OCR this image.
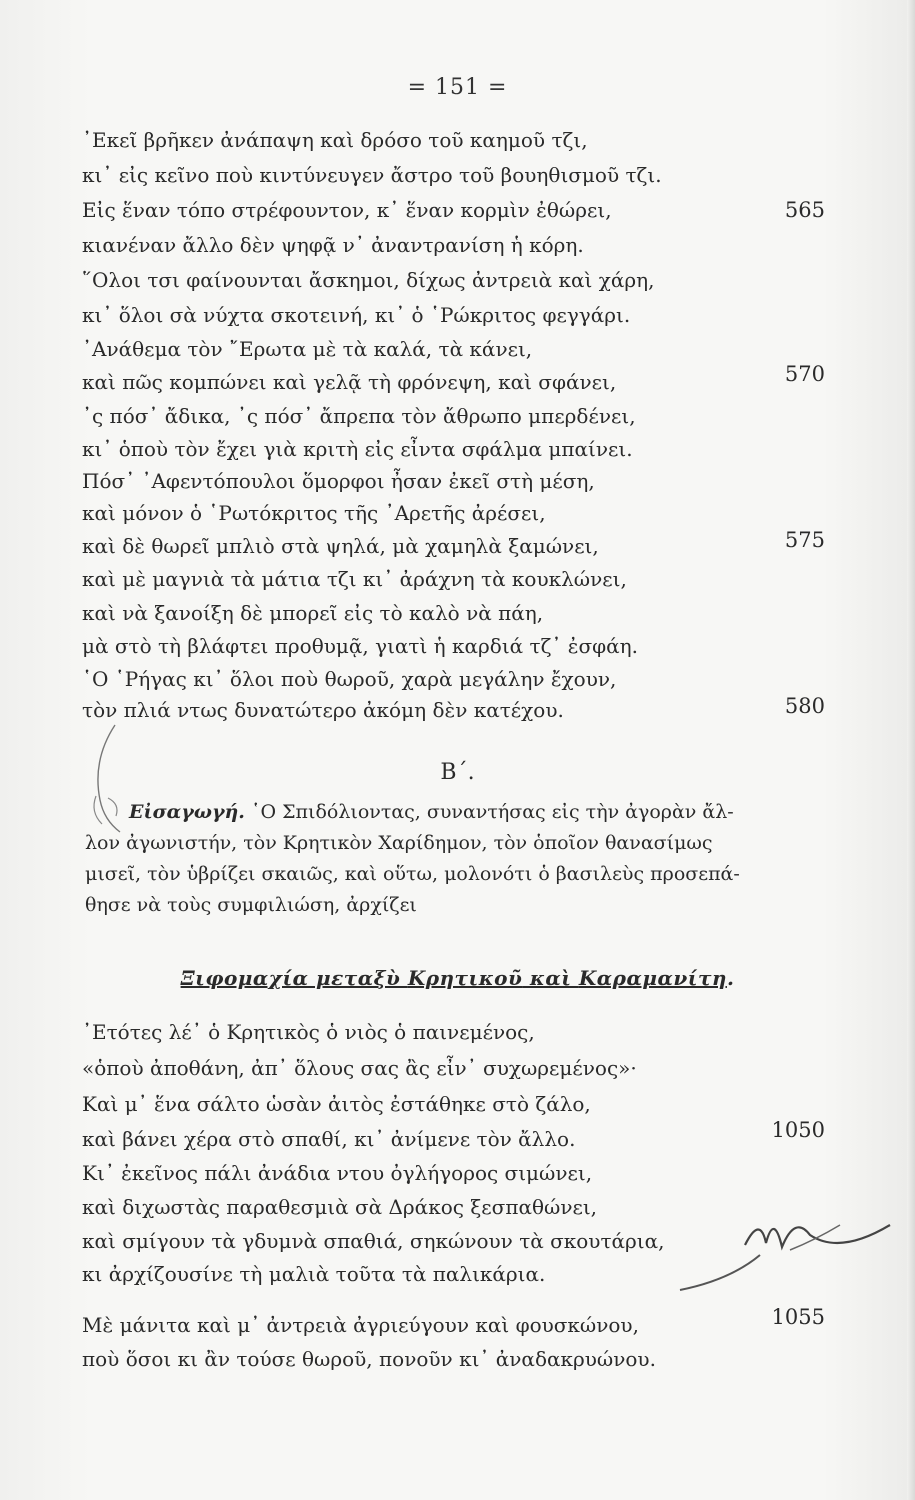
= 151 =
᾿Εκεῖ βρῆκεν ἀνάπαψη καὶ δρόσο τοῦ καημοῦ τζι,
κι᾿ εἰς κεῖνο ποὺ κιντύνευγεν ἄστρο τοῦ βουηθισμοῦ τζι.
Εἰς ἕναν τόπο στρέφουντον, κ᾿ ἕναν κορμὶν ἐθώρει,	565
κιανέναν ἄλλο δὲν ψηφᾷ ν᾿ ἀναντρανίση ἡ κόρη.
῞Ολοι τσι φαίνουνται ἄσκημοι, δίχως ἀντρειὰ καὶ χάρη,
κι᾿ ὅλοι σὰ νύχτα σκοτεινή, κι᾿ ὁ ῾Ρώκριτος φεγγάρι.
᾿Ανάθεμα τὸν ῎Ερωτα μὲ τὰ καλά, τὰ κάνει,
καὶ πῶς κομπώνει καὶ γελᾷ τὴ φρόνεψη, καὶ σφάνει,	570
᾿ς πόσ᾿ ἄδικα, ᾿ς πόσ᾿ ἄπρεπα τὸν ἄθρωπο μπερδένει,
κι᾿ ὁποὺ τὸν ἔχει γιὰ κριτὴ εἰς εἶντα σφάλμα μπαίνει.
Πόσ᾿ ᾿Αφεντόπουλοι ὅμορφοι ἦσαν ἐκεῖ στὴ μέση,
καὶ μόνον ὁ ῾Ρωτόκριτος τῆς ᾿Αρετῆς ἀρέσει,
καὶ δὲ θωρεῖ μπλιὸ στὰ ψηλά, μὰ χαμηλὰ ξαμώνει,	575
καὶ μὲ μαγνιὰ τὰ μάτια τζι κι᾿ ἀράχνη τὰ κουκλώνει,
καὶ νὰ ξανοίξη δὲ μπορεῖ εἰς τὸ καλὸ νὰ πάη,
μὰ στὸ τὴ βλάφτει προθυμᾷ, γιατὶ ἡ καρδιά τζ᾿ ἐσφάη.
῾Ο ῾Ρήγας κι᾿ ὅλοι ποὺ θωροῦ, χαρὰ μεγάλην ἔχουν,
τὸν πλιά ντως δυνατώτερο ἀκόμη δὲν κατέχου.	580
Β΄.
Εἰσαγωγή. ῾Ο Σπιδόλιοντας, συναντήσας εἰς τὴν ἀγορὰν ἄλ-
λον ἀγωνιστήν, τὸν Κρητικὸν Χαρίδημον, τὸν ὁποῖον θανασίμως
μισεῖ, τὸν ὑβρίζει σκαιῶς, καὶ οὕτω, μολονότι ὁ βασιλεὺς προσεπά-
θησε νὰ τοὺς συμφιλιώση, ἀρχίζει
Ξιφομαχία μεταξὺ Κρητικοῦ καὶ Καραμανίτη.
᾿Ετότες λέ᾿ ὁ Κρητικὸς ὁ νιὸς ὁ παινεμένος,
«ὁποὺ ἀποθάνη, ἀπ᾿ ὅλους σας ἂς εἶν᾿ συχωρεμένος»·
Καὶ μ᾿ ἕνα σάλτο ὡσὰν ἀιτὸς ἐστάθηκε στὸ ζάλο,
καὶ βάνει χέρα στὸ σπαθί, κι᾿ ἀνίμενε τὸν ἄλλο.	1050
Κι᾿ ἐκεῖνος πάλι ἀνάδια ντου ὀγλήγορος σιμώνει,
καὶ διχωστὰς παραθεσμιὰ σὰ Δράκος ξεσπαθώνει,
καὶ σμίγουν τὰ γδυμνὰ σπαθιά, σηκώνουν τὰ σκουτάρια,
κι ἀρχίζουσίνε τὴ μαλιὰ τοῦτα τὰ παλικάρια.
Μὲ μάνιτα καὶ μ᾿ ἀντρειὰ ἀγριεύγουν καὶ φουσκώνου,	1055
ποὺ ὅσοι κι ἂν τούσε θωροῦ, πονοῦν κι᾿ ἀναδακρυώνου.
